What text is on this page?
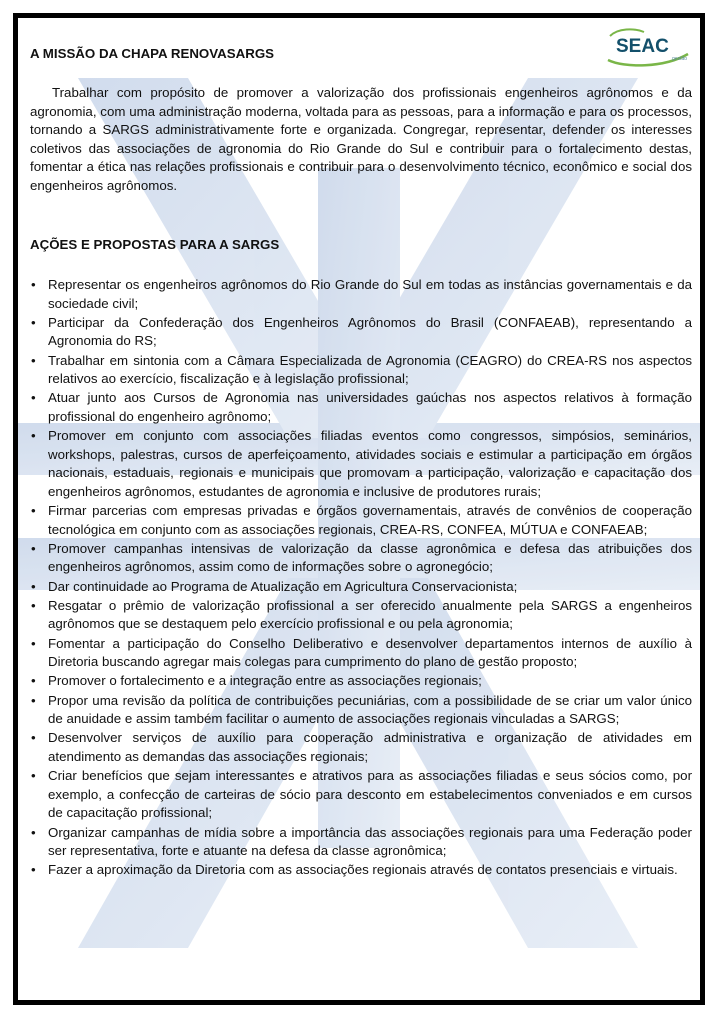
SEAC
gestão
A MISSÃO DA CHAPA RENOVASARGS

Trabalhar com propósito de promover a valorização dos profissionais engenheiros agrônomos e da agronomia, com uma administração moderna, voltada para as pessoas, para a informação e para os processos, tornando a SARGS administrativamente forte e organizada. Congregar, representar, defender os interesses coletivos das associações de agronomia do Rio Grande do Sul e contribuir para o fortalecimento destas, fomentar a ética nas relações profissionais e contribuir para o desenvolvimento técnico, econômico e social dos engenheiros agrônomos.

AÇÕES E PROPOSTAS PARA A SARGS
• Representar os engenheiros agrônomos do Rio Grande do Sul em todas as instâncias governamentais e da sociedade civil;
• Participar da Confederação dos Engenheiros Agrônomos do Brasil (CONFAEAB), representando a Agronomia do RS;
• Trabalhar em sintonia com a Câmara Especializada de Agronomia (CEAGRO) do CREA-RS nos aspectos relativos ao exercício, fiscalização e à legislação profissional;
• Atuar junto aos Cursos de Agronomia nas universidades gaúchas nos aspectos relativos à formação profissional do engenheiro agrônomo;
• Promover em conjunto com associações filiadas eventos como congressos, simpósios, seminários, workshops, palestras, cursos de aperfeiçoamento, atividades sociais e estimular a participação em órgãos nacionais, estaduais, regionais e municipais que promovam a participação, valorização e capacitação dos engenheiros agrônomos, estudantes de agronomia e inclusive de produtores rurais;
• Firmar parcerias com empresas privadas e órgãos governamentais, através de convênios de cooperação tecnológica em conjunto com as associações regionais, CREA-RS, CONFEA, MÚTUA e CONFAEAB;
• Promover campanhas intensivas de valorização da classe agronômica e defesa das atribuições dos engenheiros agrônomos, assim como de informações sobre o agronegócio;
• Dar continuidade ao Programa de Atualização em Agricultura Conservacionista;
• Resgatar o prêmio de valorização profissional a ser oferecido anualmente pela SARGS a engenheiros agrônomos que se destaquem pelo exercício profissional e ou pela agronomia;
• Fomentar a participação do Conselho Deliberativo e desenvolver departamentos internos de auxílio à Diretoria buscando agregar mais colegas para cumprimento do plano de gestão proposto;
• Promover o fortalecimento e a integração entre as associações regionais;
• Propor uma revisão da política de contribuições pecuniárias, com a possibilidade de se criar um valor único de anuidade e assim também facilitar o aumento de associações regionais vinculadas a SARGS;
• Desenvolver serviços de auxílio para cooperação administrativa e organização de atividades em atendimento as demandas das associações regionais;
• Criar benefícios que sejam interessantes e atrativos para as associações filiadas e seus sócios como, por exemplo, a confecção de carteiras de sócio para desconto em estabelecimentos conveniados e em cursos de capacitação profissional;
• Organizar campanhas de mídia sobre a importância das associações regionais para uma Federação poder ser representativa, forte e atuante na defesa da classe agronômica;
• Fazer a aproximação da Diretoria com as associações regionais através de contatos presenciais e virtuais.
